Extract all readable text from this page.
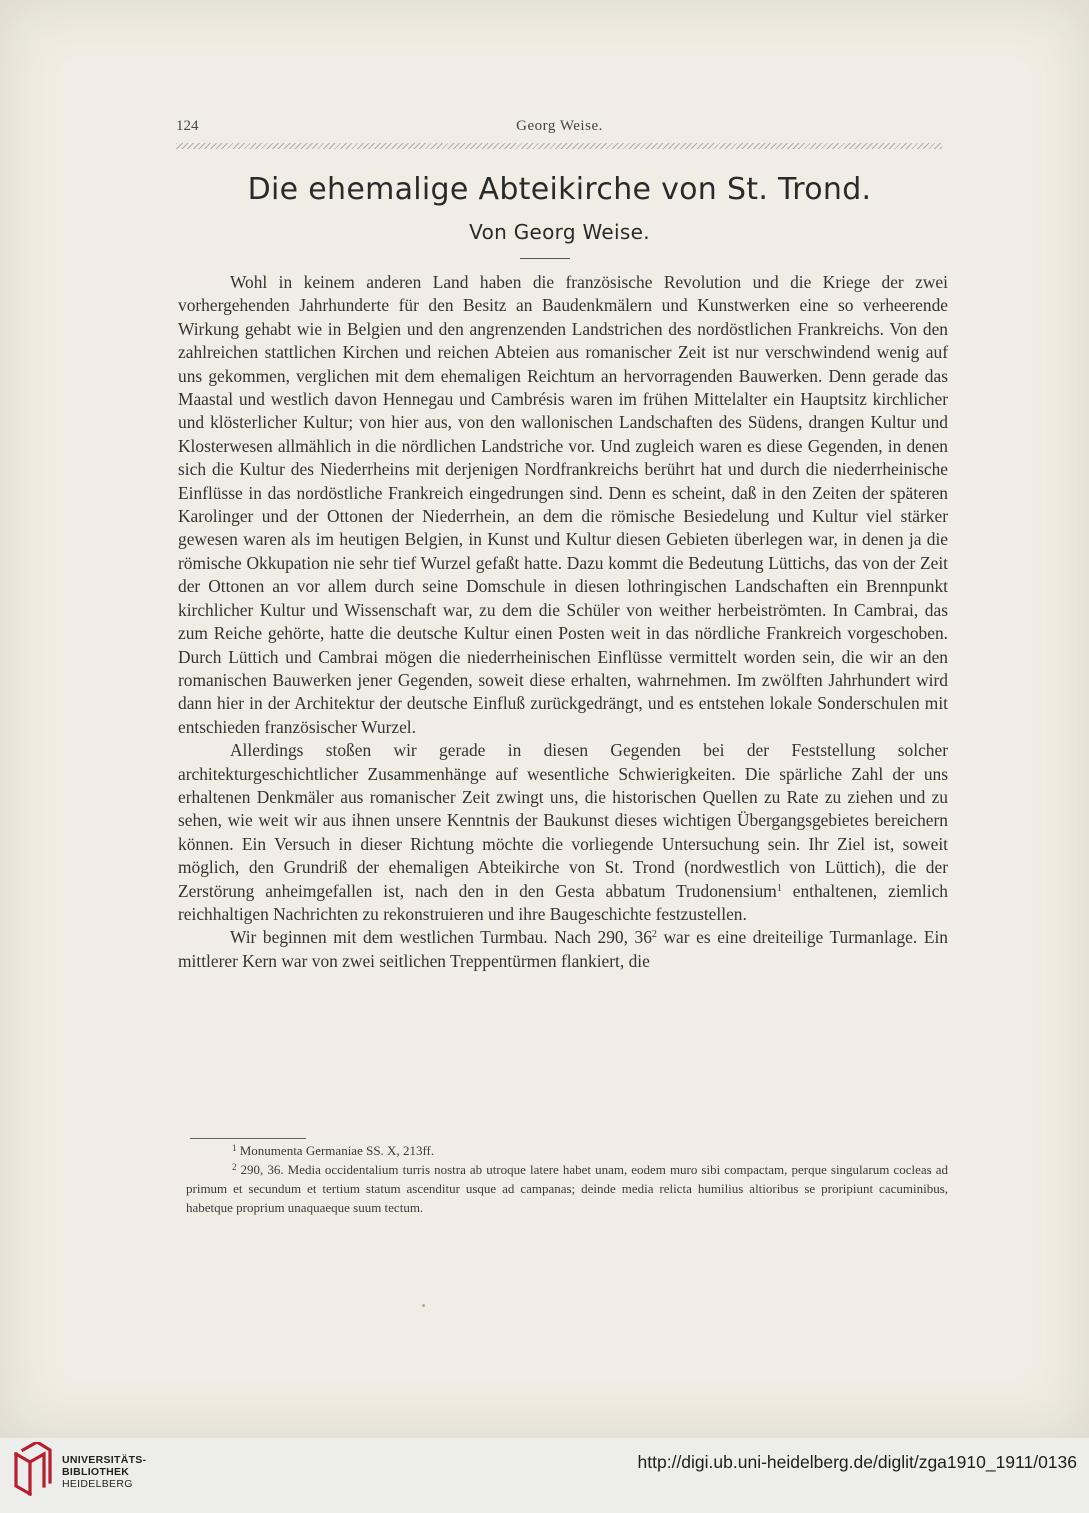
124	Georg Weise.
Die ehemalige Abteikirche von St. Trond.
Von Georg Weise.

Wohl in keinem anderen Land haben die französische Revolution und die Kriege der zwei vorhergehenden Jahrhunderte für den Besitz an Baudenkmälern und Kunstwerken eine so verheerende Wirkung gehabt wie in Belgien und den angrenzenden Landstrichen des nordöstlichen Frankreichs. Von den zahlreichen stattlichen Kirchen und reichen Abteien aus romanischer Zeit ist nur verschwindend wenig auf uns gekommen, verglichen mit dem ehemaligen Reichtum an hervorragenden Bauwerken. Denn gerade das Maastal und westlich davon Hennegau und Cambrésis waren im frühen Mittelalter ein Hauptsitz kirchlicher und klösterlicher Kultur; von hier aus, von den wallonischen Landschaften des Südens, drangen Kultur und Klosterwesen allmählich in die nördlichen Landstriche vor. Und zugleich waren es diese Gegenden, in denen sich die Kultur des Niederrheins mit derjenigen Nordfrankreichs berührt hat und durch die niederrheinische Einflüsse in das nordöstliche Frankreich eingedrungen sind. Denn es scheint, daß in den Zeiten der späteren Karolinger und der Ottonen der Niederrhein, an dem die römische Besiedelung und Kultur viel stärker gewesen waren als im heutigen Belgien, in Kunst und Kultur diesen Gebieten überlegen war, in denen ja die römische Okkupation nie sehr tief Wurzel gefaßt hatte. Dazu kommt die Bedeutung Lüttichs, das von der Zeit der Ottonen an vor allem durch seine Domschule in diesen lothringischen Landschaften ein Brennpunkt kirchlicher Kultur und Wissenschaft war, zu dem die Schüler von weither herbeiströmten. In Cambrai, das zum Reiche gehörte, hatte die deutsche Kultur einen Posten weit in das nördliche Frankreich vorgeschoben. Durch Lüttich und Cambrai mögen die niederrheinischen Einflüsse vermittelt worden sein, die wir an den romanischen Bauwerken jener Gegenden, soweit diese erhalten, wahrnehmen. Im zwölften Jahrhundert wird dann hier in der Architektur der deutsche Einfluß zurückgedrängt, und es entstehen lokale Sonderschulen mit entschieden französischer Wurzel.

Allerdings stoßen wir gerade in diesen Gegenden bei der Feststellung solcher architekturgeschichtlicher Zusammenhänge auf wesentliche Schwierigkeiten. Die spärliche Zahl der uns erhaltenen Denkmäler aus romanischer Zeit zwingt uns, die historischen Quellen zu Rate zu ziehen und zu sehen, wie weit wir aus ihnen unsere Kenntnis der Baukunst dieses wichtigen Übergangsgebietes bereichern können. Ein Versuch in dieser Richtung möchte die vorliegende Untersuchung sein. Ihr Ziel ist, soweit möglich, den Grundriß der ehemaligen Abteikirche von St. Trond (nordwestlich von Lüttich), die der Zerstörung anheimgefallen ist, nach den in den Gesta abbatum Trudonensium$^1$ enthaltenen, ziemlich reichhaltigen Nachrichten zu rekonstruieren und ihre Baugeschichte festzustellen.

Wir beginnen mit dem westlichen Turmbau. Nach 290, $36^2$ war es eine dreiteilige Turmanlage. Ein mittlerer Kern war von zwei seitlichen Treppentürmen flankiert, die

$^1$ Monumenta Germaniae SS. X, 213ff.

$^2$ 290, 36. Media occidentalium turris nostra ab utroque latere habet unam, eodem muro sibi compactam, perque singularum cocleas ad primum et secundum et tertium statum ascenditur usque ad campanas; deinde media relicta humilius altioribus se proripiunt cacuminibus, habetque proprium unaquaeque suum tectum.

UNIVERSITÄTS-
BIBLIOTHEK
HEIDELBERG
http://digi.ub.uni-heidelberg.de/diglit/zga1910_1911/0136
